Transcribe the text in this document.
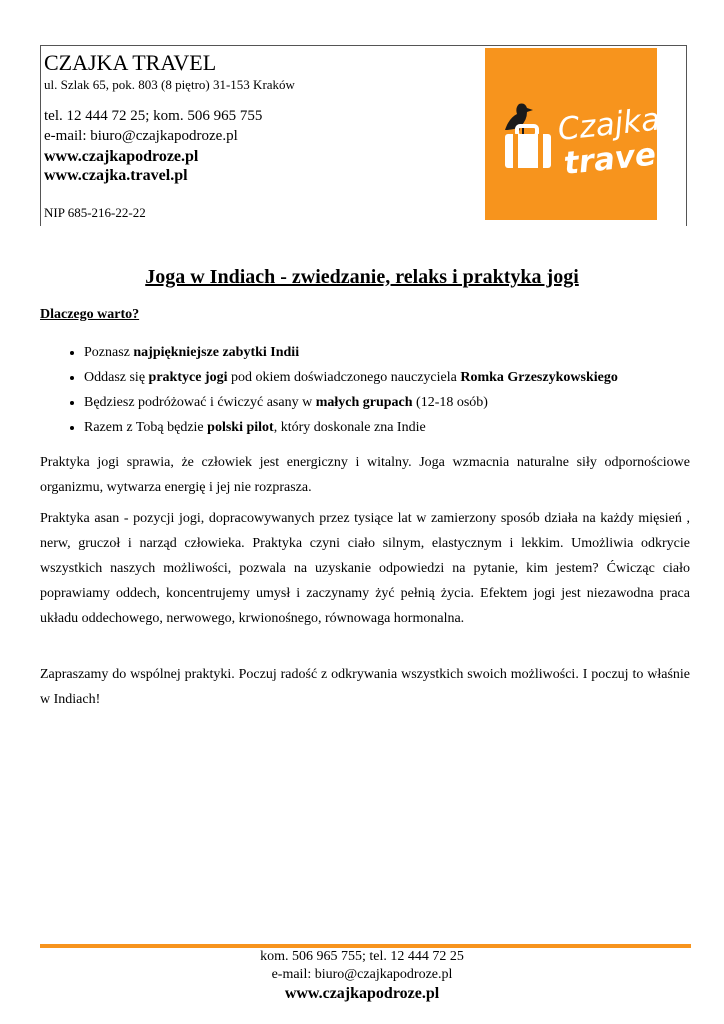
CZAJKA TRAVEL
ul. Szlak 65, pok. 803 (8 piętro) 31-153 Kraków
tel. 12 444 72 25; kom. 506 965 755
e-mail: biuro@czajkapodroze.pl
www.czajkapodroze.pl
www.czajka.travel.pl
NIP 685-216-22-22
Czajka
travel
Joga w Indiach - zwiedzanie, relaks i praktyka jogi
Dlaczego warto?
• Poznasz najpiękniejsze zabytki Indii
• Oddasz się praktyce jogi pod okiem doświadczonego nauczyciela Romka Grzeszykowskiego
• Będziesz podróżować i ćwiczyć asany w małych grupach (12-18 osób)
• Razem z Tobą będzie polski pilot, który doskonale zna Indie

Praktyka jogi sprawia, że człowiek jest energiczny i witalny. Joga wzmacnia naturalne siły odpornościowe organizmu, wytwarza energię i jej nie rozprasza.

Praktyka asan - pozycji jogi, dopracowywanych przez tysiące lat w zamierzony sposób działa na każdy mięsień , nerw, gruczoł i narząd człowieka. Praktyka czyni ciało silnym, elastycznym i lekkim. Umożliwia odkrycie wszystkich naszych możliwości, pozwala na uzyskanie odpowiedzi na pytanie, kim jestem? Ćwicząc ciało poprawiamy oddech, koncentrujemy umysł i zaczynamy żyć pełnią życia. Efektem jogi jest niezawodna praca układu oddechowego, nerwowego, krwionośnego, równowaga hormonalna.

Zapraszamy do wspólnej praktyki. Poczuj radość z odkrywania wszystkich swoich możliwości. I poczuj to właśnie w Indiach!

kom. 506 965 755; tel. 12 444 72 25
e-mail: biuro@czajkapodroze.pl
www.czajkapodroze.pl
